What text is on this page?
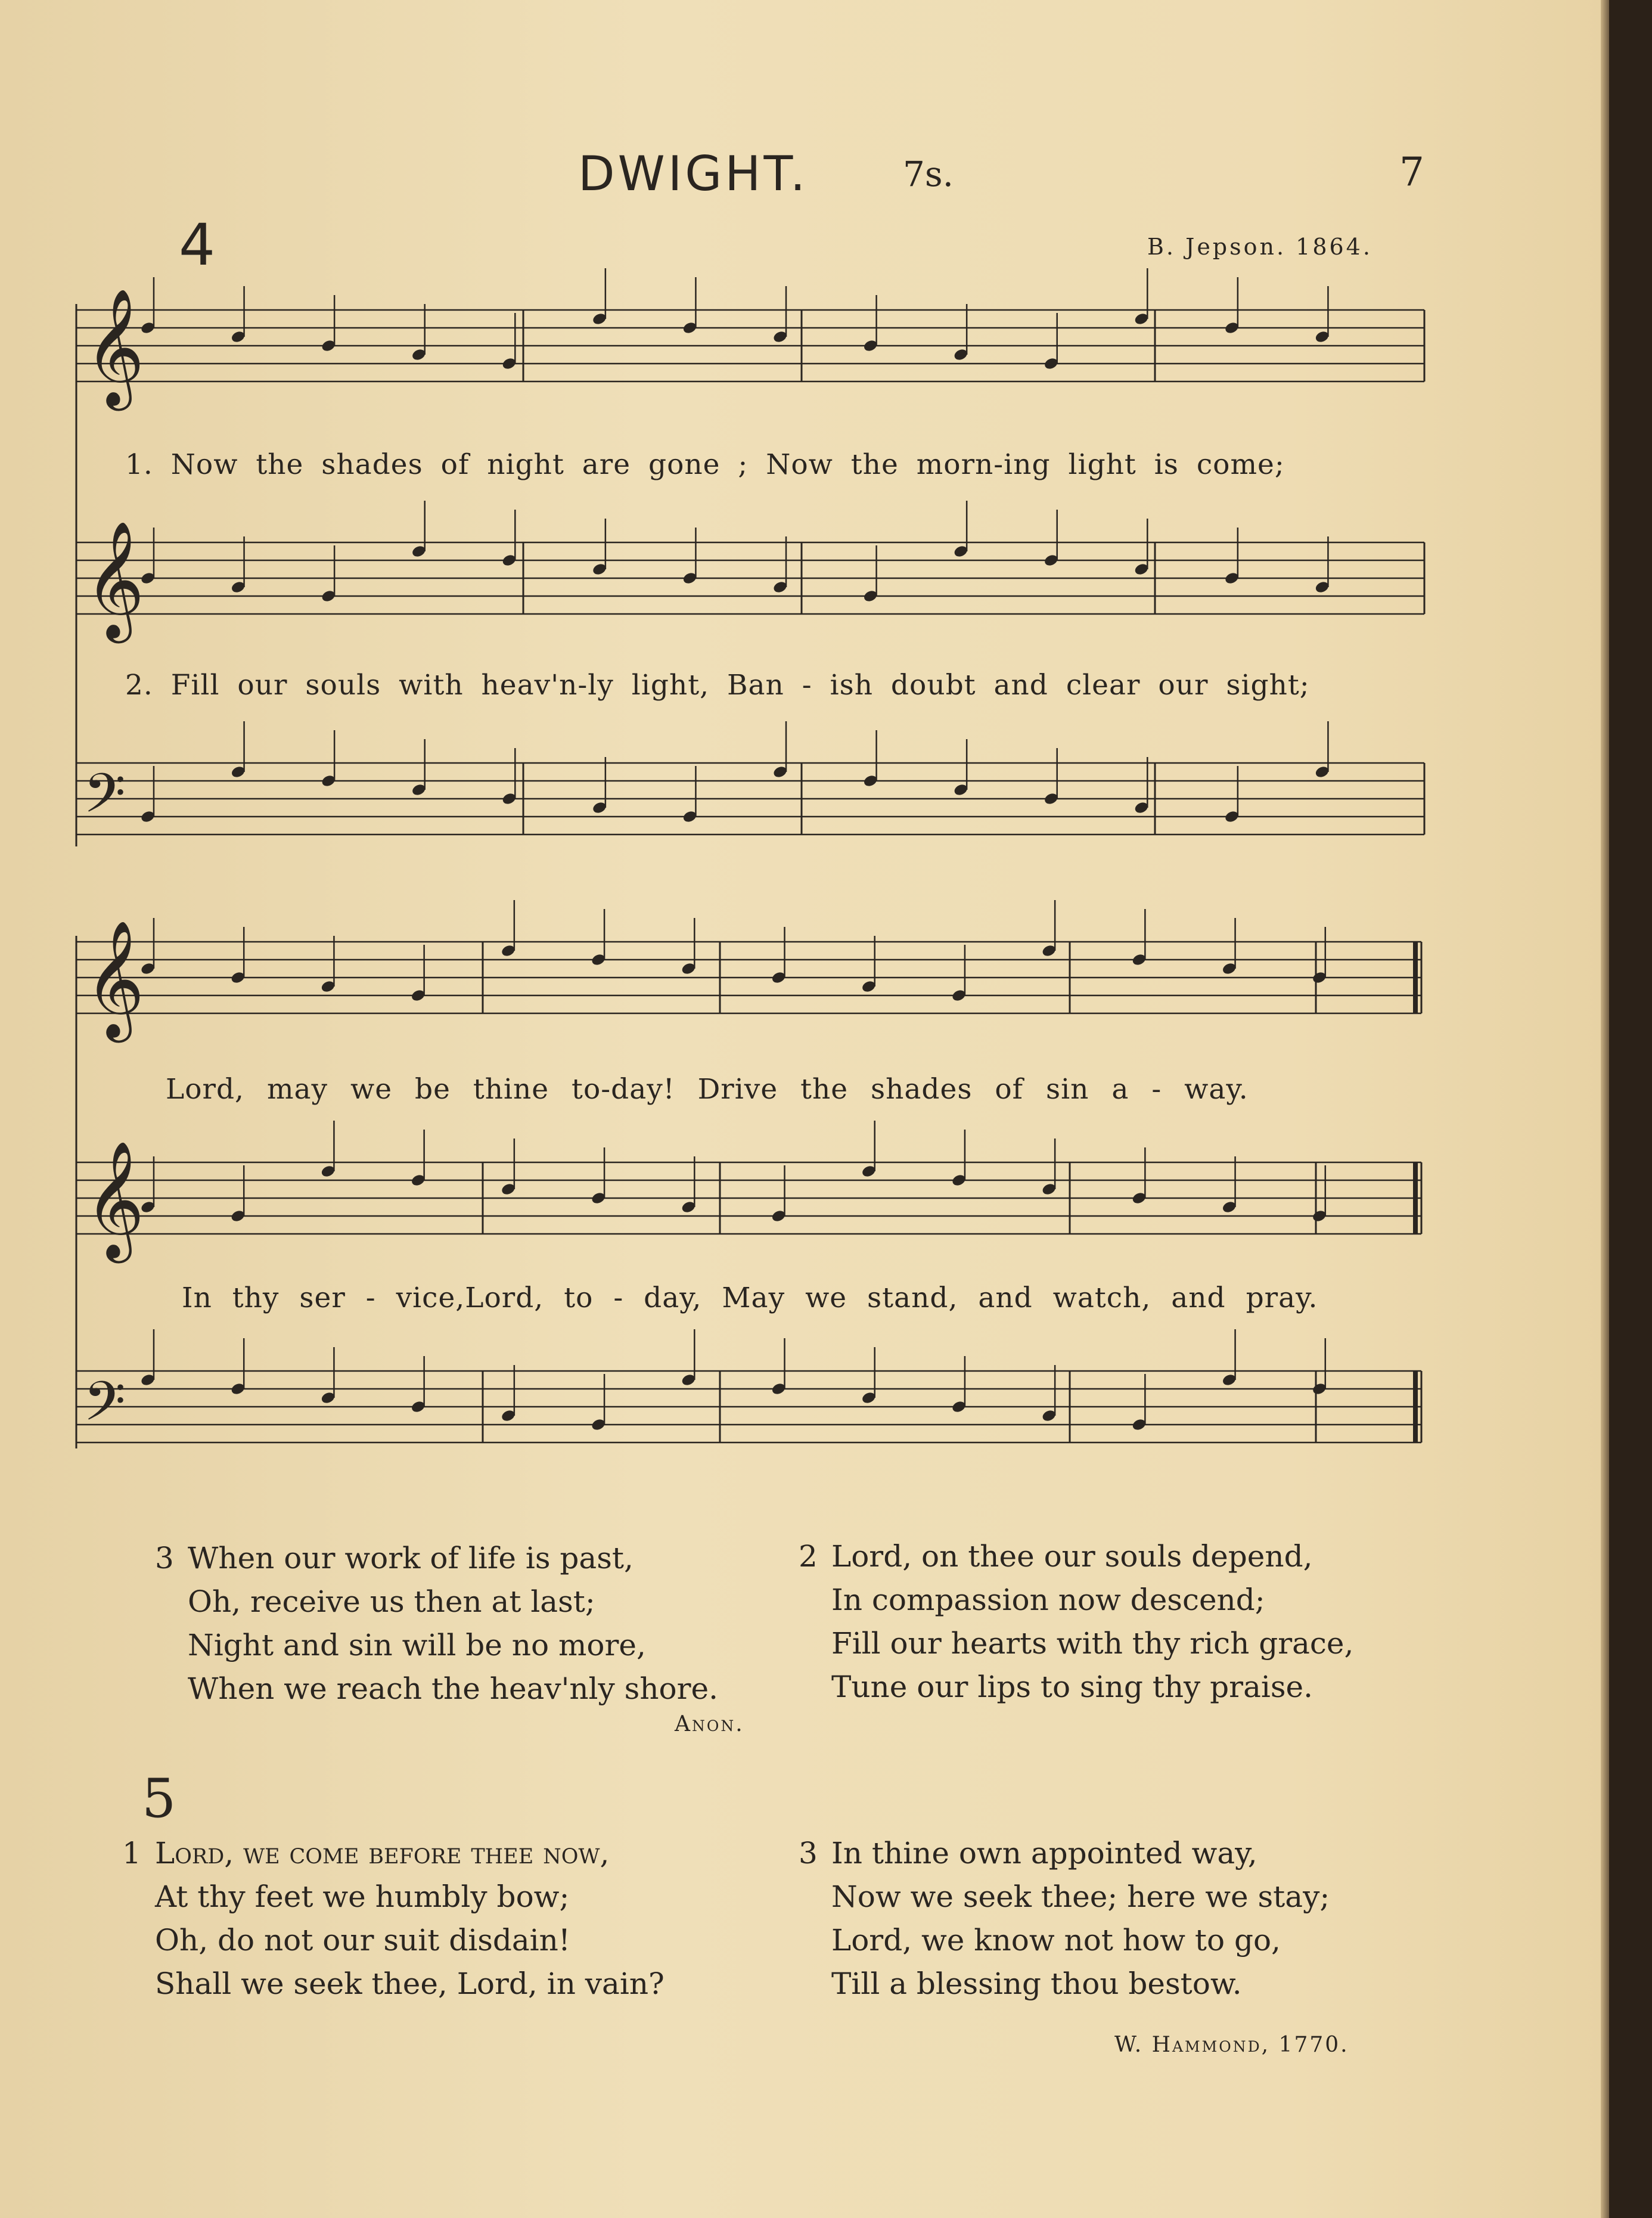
DWIGHT.	7s.	7
4	B. Jepson. 1864.
𝄞
𝄞
𝄢
𝄞
𝄞
𝄢
1. Now the shades of night are gone ; Now the morn-ing light is come;
2. Fill our souls with heav'n-ly light, Ban - ish doubt and clear our sight;
Lord, may we be thine to-day! Drive the shades of sin a - way.
In thy ser - vice,Lord, to - day, May we stand, and watch, and pray.
3 When our work of life is past,
Oh, receive us then at last;
Night and sin will be no more,
When we reach the heav'nly shore.
Anon.
2 Lord, on thee our souls depend,
In compassion now descend;
Fill our hearts with thy rich grace,
Tune our lips to sing thy praise.
5
1 Lord, we come before thee now,
At thy feet we humbly bow;
Oh, do not our suit disdain!
Shall we seek thee, Lord, in vain?
3 In thine own appointed way,
Now we seek thee; here we stay;
Lord, we know not how to go,
Till a blessing thou bestow.
W. Hammond, 1770.
